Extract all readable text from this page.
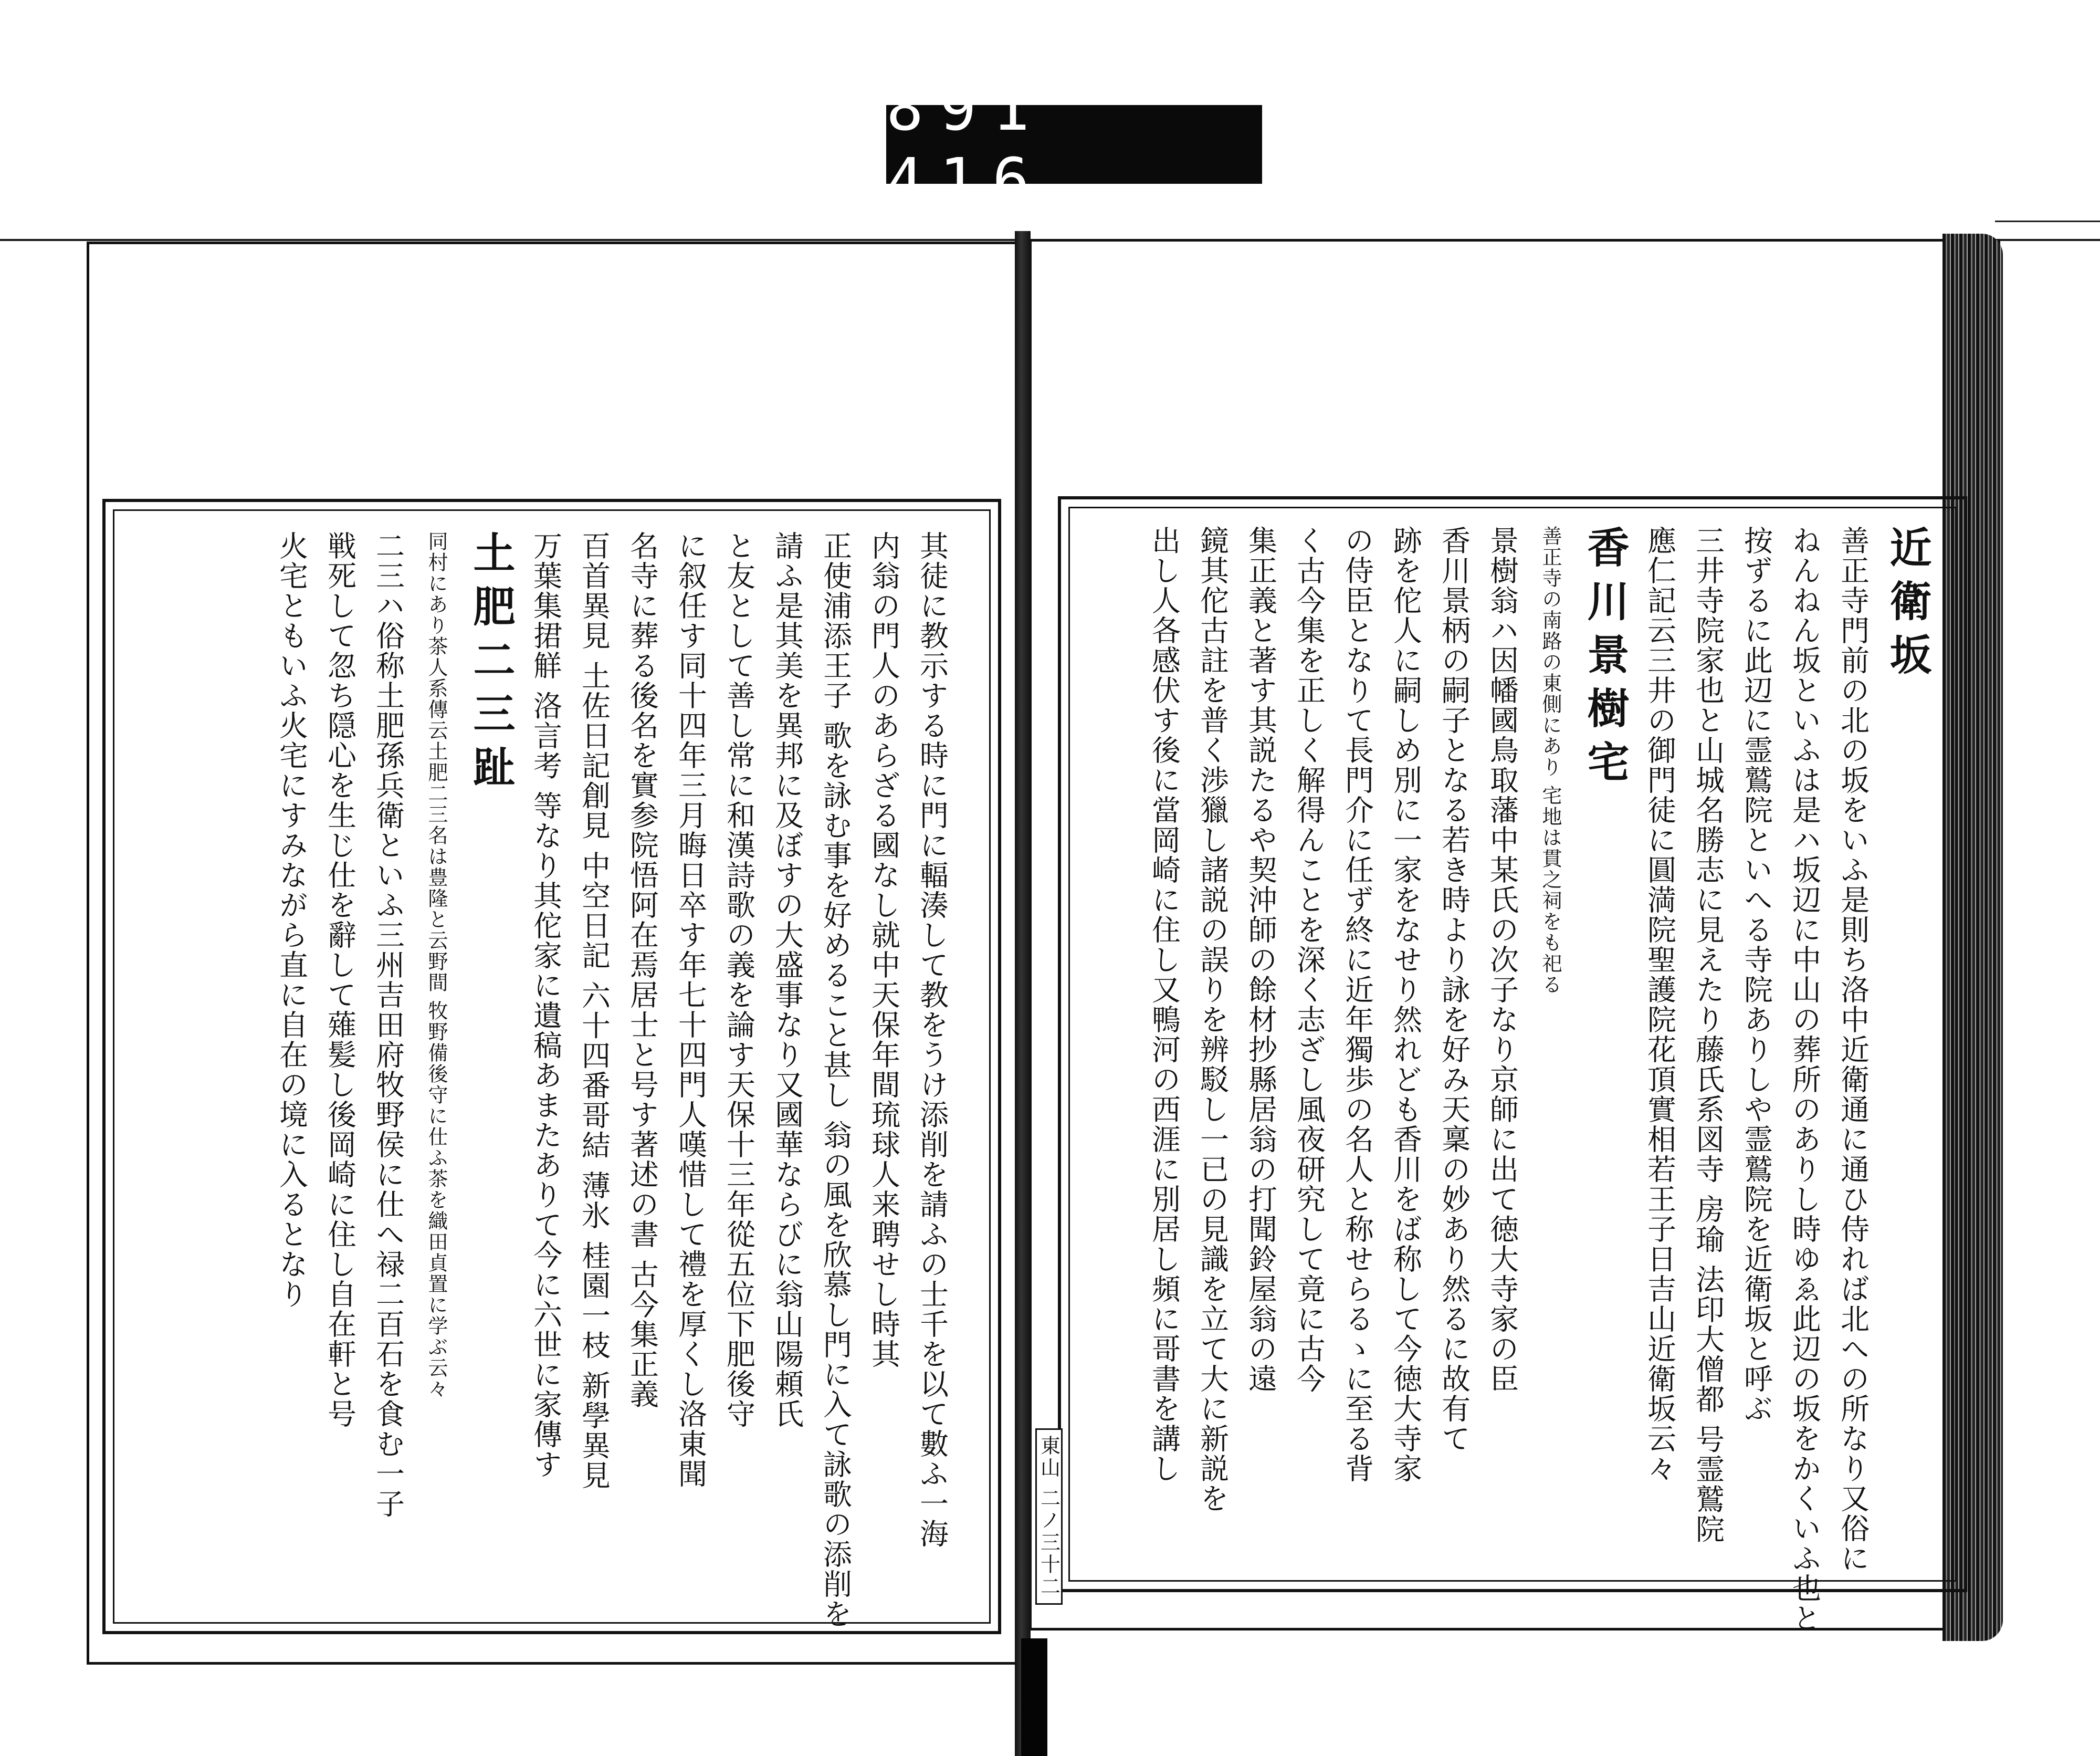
891 416.

近衛坂

善正寺門前の北の坂をいふ是則ち洛中近衛通に通ひ侍れば北への所なり又俗に

ねんねん坂といふは是ハ坂辺に中山の葬所のありし時ゆゑ此辺の坂をかくいふ也と

按ずるに此辺に霊鷲院といへる寺院ありしや霊鷲院を近衛坂と呼ぶ

三井寺院家也と山城名勝志に見えたり藤氏系図寺 房瑜 法印大僧都 号霊鷲院

應仁記云三井の御門徒に圓満院聖護院花頂實相若王子日吉山近衛坂云々

香川景樹宅

善正寺の南路の東側にあり 宅地は貫之祠をも祀る

景樹翁ハ因幡國鳥取藩中某氏の次子なり京師に出て徳大寺家の臣

香川景柄の嗣子となる若き時より詠を好み天稟の妙あり然るに故有て

跡を佗人に嗣しめ別に一家をなせり然れども香川をば称して今徳大寺家

の侍臣となりて長門介に任ず終に近年獨歩の名人と称せらるゝに至る背

く古今集を正しく解得んことを深く志ざし風夜研究して竟に古今

集正義と著す其説たるや契沖師の餘材抄縣居翁の打聞鈴屋翁の遠

鏡其佗古註を普く渉獵し諸説の誤りを辨駁し一已の見識を立て大に新説を

出し人各感伏す後に當岡崎に住し又鴨河の西涯に別居し頻に哥書を講し

其徒に教示する時に門に輻湊して教をうけ添削を請ふの士千を以て數ふ一海

内翁の門人のあらざる國なし就中天保年間琉球人来聘せし時其

正使浦添王子 歌を詠む事を好めること甚し 翁の風を欣慕し門に入て詠歌の添削を

請ふ是其美を異邦に及ぼすの大盛事なり又國華ならびに翁山陽頼氏

と友として善し常に和漢詩歌の義を論す天保十三年從五位下肥後守

に叙任す同十四年三月晦日卒す年七十四門人嘆惜して禮を厚くし洛東聞

名寺に葬る後名を實参院悟阿在焉居士と号す著述の書 古今集正義

百首異見 土佐日記創見 中空日記 六十四番哥結 薄氷 桂園一枝 新學異見

万葉集捃觧 洛言考 等なり其佗家に遺稿あまたありて今に六世に家傳す

土肥二三趾

同村にあり茶人系傳云土肥二三名は豊隆と云野間 牧野備後守に仕ふ茶を織田貞置に学ぶ云々

二三ハ俗称土肥孫兵衛といふ三州吉田府牧野侯に仕へ禄二百石を食む一子

戦死して忽ち隠心を生じ仕を辭して薙髪し後岡崎に住し自在軒と号

火宅ともいふ火宅にすみながら直に自在の境に入るとなり

東山 二ノ三十二
